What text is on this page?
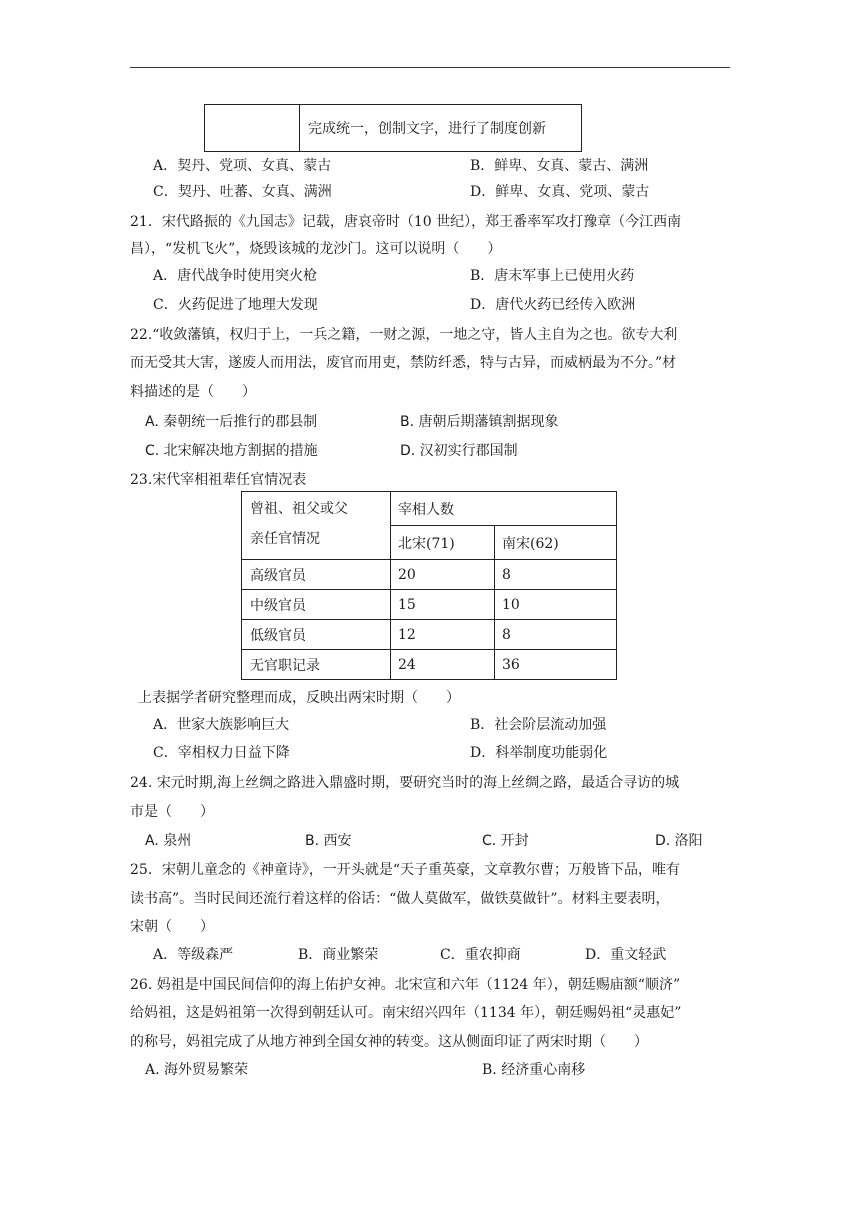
	完成统一，创制文字，进行了制度创新
A．契丹、党项、女真、蒙古	B．鲜卑、女真、蒙古、满洲
C．契丹、吐蕃、女真、满洲	D．鲜卑、女真、党项、蒙古
21．宋代路振的《九国志》记载，唐哀帝时（10 世纪），郑王番率军攻打豫章（今江西南
昌），“发机飞火”，烧毁该城的龙沙门。这可以说明（　　）
A．唐代战争时使用突火枪	B．唐末军事上已使用火药
C．火药促进了地理大发现	D．唐代火药已经传入欧洲
22.“收敛藩镇，权归于上，一兵之籍，一财之源，一地之守，皆人主自为之也。欲专大利
而无受其大害，遂废人而用法，废官而用吏，禁防纤悉，特与古异，而威柄最为不分。”材
料描述的是（　　）
A. 秦朝统一后推行的郡县制	B. 唐朝后期藩镇割据现象
C. 北宋解决地方割据的措施	D. 汉初实行郡国制
23.宋代宰相祖辈任官情况表
曾祖、祖父或父
亲任官情况	宰相人数	
	北宋(71)	南宋(62)
高级官员	20	8
中级官员	15	10
低级官员	12	8
无官职记录	24	36
上表据学者研究整理而成，反映出两宋时期（　　）
A．世家大族影响巨大	B．社会阶层流动加强
C．宰相权力日益下降	D．科举制度功能弱化
24. 宋元时期,海上丝绸之路进入鼎盛时期，要研究当时的海上丝绸之路，最适合寻访的城
市是（　　）
A. 泉州	B. 西安	C. 开封	D. 洛阳
25．宋朝儿童念的《神童诗》，一开头就是“天子重英豪，文章教尔曹；万般皆下品，唯有
读书高”。当时民间还流行着这样的俗话：“做人莫做军，做铁莫做针”。材料主要表明，
宋朝（　　）
A．等级森严	B．商业繁荣	C．重农抑商	D．重文轻武
26. 妈祖是中国民间信仰的海上佑护女神。北宋宣和六年（1124 年），朝廷赐庙额“顺济”
给妈祖，这是妈祖第一次得到朝廷认可。南宋绍兴四年（1134 年），朝廷赐妈祖“灵惠妃”
的称号，妈祖完成了从地方神到全国女神的转变。这从侧面印证了两宋时期（　　）
A. 海外贸易繁荣	B. 经济重心南移
